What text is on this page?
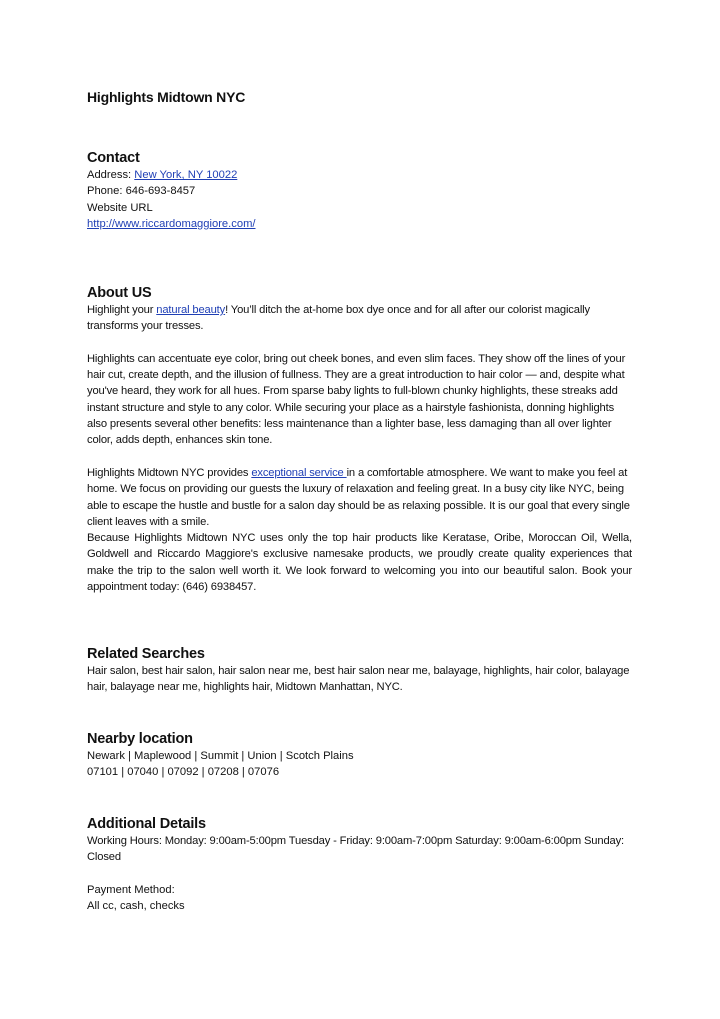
Highlights Midtown NYC
Contact
Address: New York, NY 10022
Phone: 646-693-8457
Website URL
http://www.riccardomaggiore.com/
About US

Highlight your natural beauty! You’ll ditch the at-home box dye once and for all after our colorist magically transforms your tresses.

Highlights can accentuate eye color, bring out cheek bones, and even slim faces. They show off the lines of your hair cut, create depth, and the illusion of fullness. They are a great introduction to hair color — and, despite what you've heard, they work for all hues. From sparse baby lights to full-blown chunky highlights, these streaks add instant structure and style to any color. While securing your place as a hairstyle fashionista, donning highlights also presents several other benefits: less maintenance than a lighter base, less damaging than all over lighter color, adds depth, enhances skin tone.

Highlights Midtown NYC provides exceptional service in a comfortable atmosphere. We want to make you feel at home. We focus on providing our guests the luxury of relaxation and feeling great. In a busy city like NYC, being able to escape the hustle and bustle for a salon day should be as relaxing possible. It is our goal that every single client leaves with a smile.

Because Highlights Midtown NYC uses only the top hair products like Keratase, Oribe, Moroccan Oil, Wella, Goldwell and Riccardo Maggiore's exclusive namesake products, we proudly create quality experiences that make the trip to the salon well worth it. We look forward to welcoming you into our beautiful salon. Book your appointment today: (646) 6938457.

Related Searches

Hair salon, best hair salon, hair salon near me, best hair salon near me, balayage, highlights, hair color, balayage hair, balayage near me, highlights hair, Midtown Manhattan, NYC.

Nearby location
Newark | Maplewood | Summit | Union | Scotch Plains
07101 | 07040 | 07092 | 07208 | 07076
Additional Details

Working Hours: Monday: 9:00am-5:00pm Tuesday - Friday: 9:00am-7:00pm Saturday: 9:00am-6:00pm Sunday: Closed

Payment Method:
All cc, cash, checks
